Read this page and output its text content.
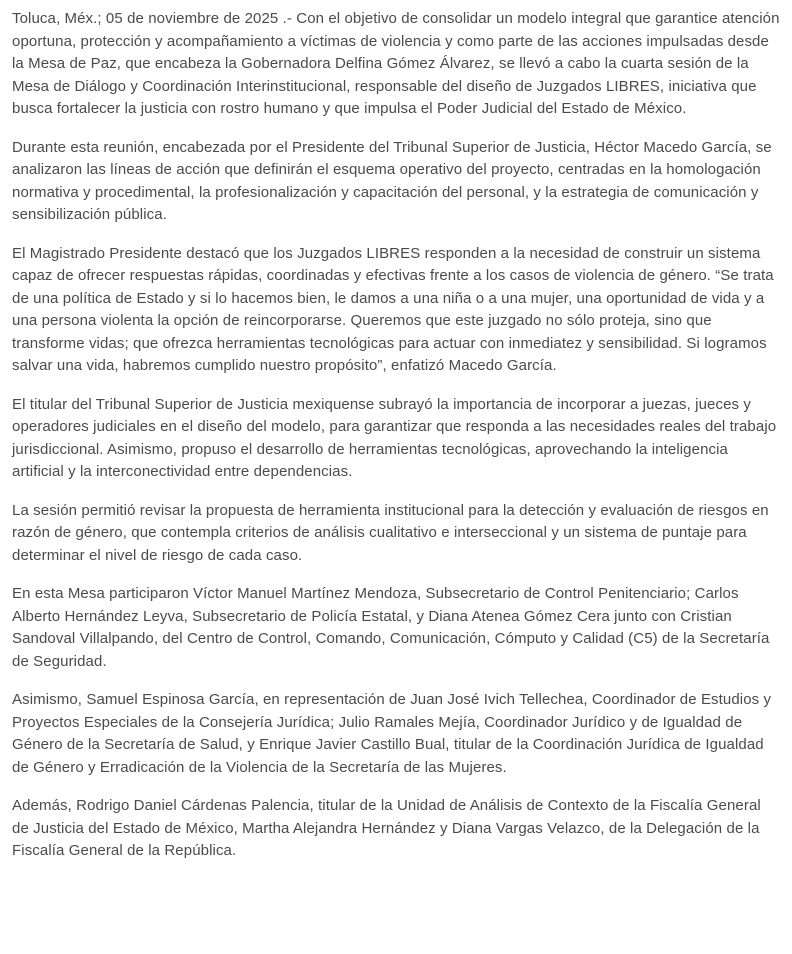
Toluca, Méx.; 05 de noviembre de 2025 .- Con el objetivo de consolidar un modelo integral que garantice atención oportuna, protección y acompañamiento a víctimas de violencia y como parte de las acciones impulsadas desde la Mesa de Paz, que encabeza la Gobernadora Delfina Gómez Álvarez, se llevó a cabo la cuarta sesión de la Mesa de Diálogo y Coordinación Interinstitucional, responsable del diseño de Juzgados LIBRES, iniciativa que busca fortalecer la justicia con rostro humano y que impulsa el Poder Judicial del Estado de México.

Durante esta reunión, encabezada por el Presidente del Tribunal Superior de Justicia, Héctor Macedo García, se analizaron las líneas de acción que definirán el esquema operativo del proyecto, centradas en la homologación normativa y procedimental, la profesionalización y capacitación del personal, y la estrategia de comunicación y sensibilización pública.

El Magistrado Presidente destacó que los Juzgados LIBRES responden a la necesidad de construir un sistema capaz de ofrecer respuestas rápidas, coordinadas y efectivas frente a los casos de violencia de género. “Se trata de una política de Estado y si lo hacemos bien, le damos a una niña o a una mujer, una oportunidad de vida y a una persona violenta la opción de reincorporarse. Queremos que este juzgado no sólo proteja, sino que transforme vidas; que ofrezca herramientas tecnológicas para actuar con inmediatez y sensibilidad. Si logramos salvar una vida, habremos cumplido nuestro propósito”, enfatizó Macedo García.

El titular del Tribunal Superior de Justicia mexiquense subrayó la importancia de incorporar a juezas, jueces y operadores judiciales en el diseño del modelo, para garantizar que responda a las necesidades reales del trabajo jurisdiccional. Asimismo, propuso el desarrollo de herramientas tecnológicas, aprovechando la inteligencia artificial y la interconectividad entre dependencias.

La sesión permitió revisar la propuesta de herramienta institucional para la detección y evaluación de riesgos en razón de género, que contempla criterios de análisis cualitativo e interseccional y un sistema de puntaje para determinar el nivel de riesgo de cada caso.

En esta Mesa participaron Víctor Manuel Martínez Mendoza, Subsecretario de Control Penitenciario; Carlos Alberto Hernández Leyva, Subsecretario de Policía Estatal, y Diana Atenea Gómez Cera junto con Cristian Sandoval Villalpando, del Centro de Control, Comando, Comunicación, Cómputo y Calidad (C5) de la Secretaría de Seguridad.

Asimismo, Samuel Espinosa García, en representación de Juan José Ivich Tellechea, Coordinador de Estudios y Proyectos Especiales de la Consejería Jurídica; Julio Ramales Mejía, Coordinador Jurídico y de Igualdad de Género de la Secretaría de Salud, y Enrique Javier Castillo Bual, titular de la Coordinación Jurídica de Igualdad de Género y Erradicación de la Violencia de la Secretaría de las Mujeres.

Además, Rodrigo Daniel Cárdenas Palencia, titular de la Unidad de Análisis de Contexto de la Fiscalía General de Justicia del Estado de México, Martha Alejandra Hernández y Diana Vargas Velazco, de la Delegación de la Fiscalía General de la República.
